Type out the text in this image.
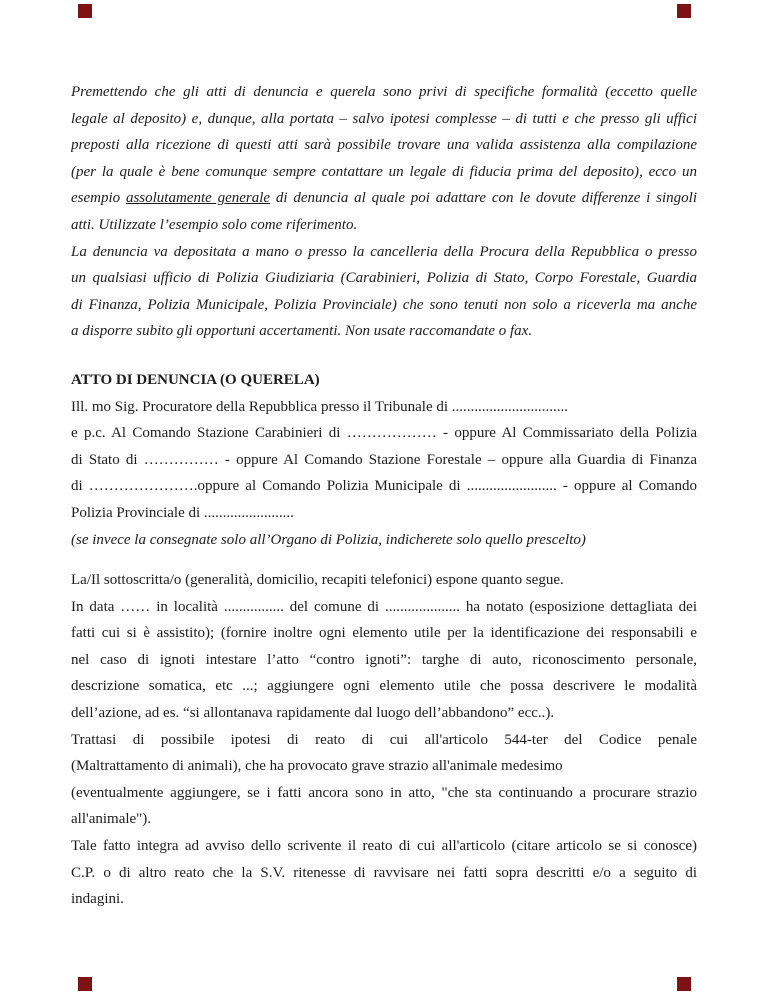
Premettendo che gli atti di denuncia e querela sono privi di specifiche formalità (eccetto quelle
legale al deposito) e, dunque, alla portata – salvo ipotesi complesse – di tutti e che presso gli uffici
preposti alla ricezione di questi atti sarà possibile trovare una valida assistenza alla compilazione
(per la quale è bene comunque sempre contattare un legale di fiducia prima del deposito), ecco un
esempio assolutamente generale di denuncia al quale poi adattare con le dovute differenze i singoli
atti. Utilizzate l’esempio solo come riferimento.
La denuncia va depositata a mano o presso la cancelleria della Procura della Repubblica o presso
un qualsiasi ufficio di Polizia Giudiziaria (Carabinieri, Polizia di Stato, Corpo Forestale, Guardia
di Finanza, Polizia Municipale, Polizia Provinciale) che sono tenuti non solo a riceverla ma anche
a disporre subito gli opportuni accertamenti. Non usate raccomandate o fax.
ATTO DI DENUNCIA (O QUERELA)
Ill. mo Sig. Procuratore della Repubblica presso il Tribunale di ...............................
e p.c. Al Comando Stazione Carabinieri di ……………… - oppure Al Commissariato della Polizia
di Stato di …………… - oppure Al Comando Stazione Forestale – oppure alla Guardia di Finanza
di ………………….oppure al Comando Polizia Municipale di ........................ - oppure al Comando
Polizia Provinciale di ........................
(se invece la consegnate solo all’Organo di Polizia, indicherete solo quello prescelto)
La/Il sottoscritta/o (generalità, domicilio, recapiti telefonici) espone quanto segue.
In data …… in località ................ del comune di .................... ha notato (esposizione dettagliata dei
fatti cui si è assistito); (fornire inoltre ogni elemento utile per la identificazione dei responsabili e
nel caso di ignoti intestare l’atto “contro ignoti”: targhe di auto, riconoscimento personale,
descrizione somatica, etc ...; aggiungere ogni elemento utile che possa descrivere le modalità
dell’azione, ad es. “si allontanava rapidamente dal luogo dell’abbandono” ecc..).
Trattasi di possibile ipotesi di reato di cui all'articolo 544-ter del Codice penale
(Maltrattamento di animali), che ha provocato grave strazio all'animale medesimo
(eventualmente aggiungere, se i fatti ancora sono in atto, "che sta continuando a procurare strazio
all'animale").
Tale fatto integra ad avviso dello scrivente il reato di cui all'articolo (citare articolo se si conosce)
C.P. o di altro reato che la S.V. ritenesse di ravvisare nei fatti sopra descritti e/o a seguito di
indagini.
